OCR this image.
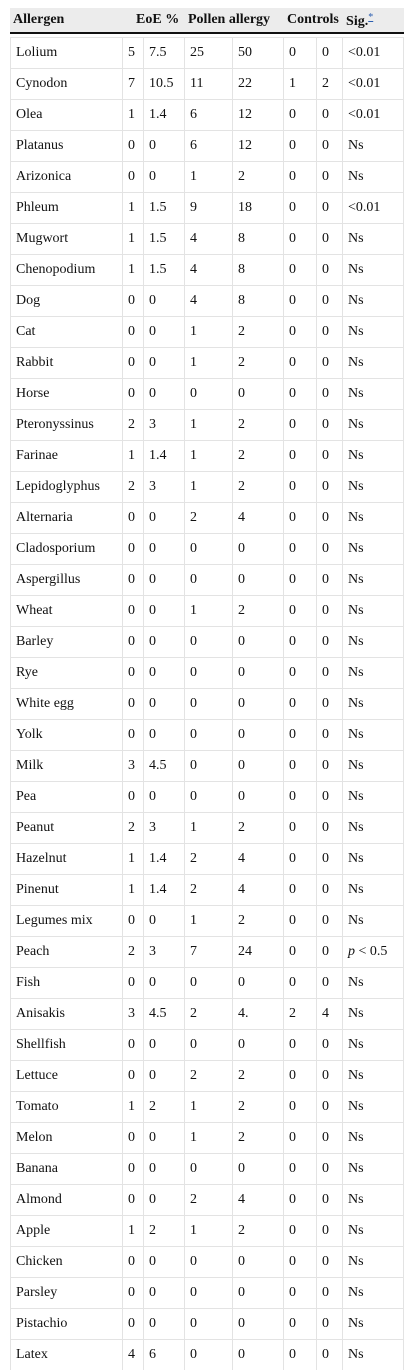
Allergen	EoE %		Pollen allergy		Controls		Sig.*

Lolium	5	7.5	25	50	0	0	<0.01
Cynodon	7	10.5	11	22	1	2	<0.01
Olea	1	1.4	6	12	0	0	<0.01
Platanus	0	0	6	12	0	0	Ns
Arizonica	0	0	1	2	0	0	Ns
Phleum	1	1.5	9	18	0	0	<0.01
Mugwort	1	1.5	4	8	0	0	Ns
Chenopodium	1	1.5	4	8	0	0	Ns
Dog	0	0	4	8	0	0	Ns
Cat	0	0	1	2	0	0	Ns
Rabbit	0	0	1	2	0	0	Ns
Horse	0	0	0	0	0	0	Ns
Pteronyssinus	2	3	1	2	0	0	Ns
Farinae	1	1.4	1	2	0	0	Ns
Lepidoglyphus	2	3	1	2	0	0	Ns
Alternaria	0	0	2	4	0	0	Ns
Cladosporium	0	0	0	0	0	0	Ns
Aspergillus	0	0	0	0	0	0	Ns
Wheat	0	0	1	2	0	0	Ns
Barley	0	0	0	0	0	0	Ns
Rye	0	0	0	0	0	0	Ns
White egg	0	0	0	0	0	0	Ns
Yolk	0	0	0	0	0	0	Ns
Milk	3	4.5	0	0	0	0	Ns
Pea	0	0	0	0	0	0	Ns
Peanut	2	3	1	2	0	0	Ns
Hazelnut	1	1.4	2	4	0	0	Ns
Pinenut	1	1.4	2	4	0	0	Ns
Legumes mix	0	0	1	2	0	0	Ns
Peach	2	3	7	24	0	0	p < 0.5
Fish	0	0	0	0	0	0	Ns
Anisakis	3	4.5	2	4.	2	4	Ns
Shellfish	0	0	0	0	0	0	Ns
Lettuce	0	0	2	2	0	0	Ns
Tomato	1	2	1	2	0	0	Ns
Melon	0	0	1	2	0	0	Ns
Banana	0	0	0	0	0	0	Ns
Almond	0	0	2	4	0	0	Ns
Apple	1	2	1	2	0	0	Ns
Chicken	0	0	0	0	0	0	Ns
Parsley	0	0	0	0	0	0	Ns
Pistachio	0	0	0	0	0	0	Ns
Latex	4	6	0	0	0	0	Ns
